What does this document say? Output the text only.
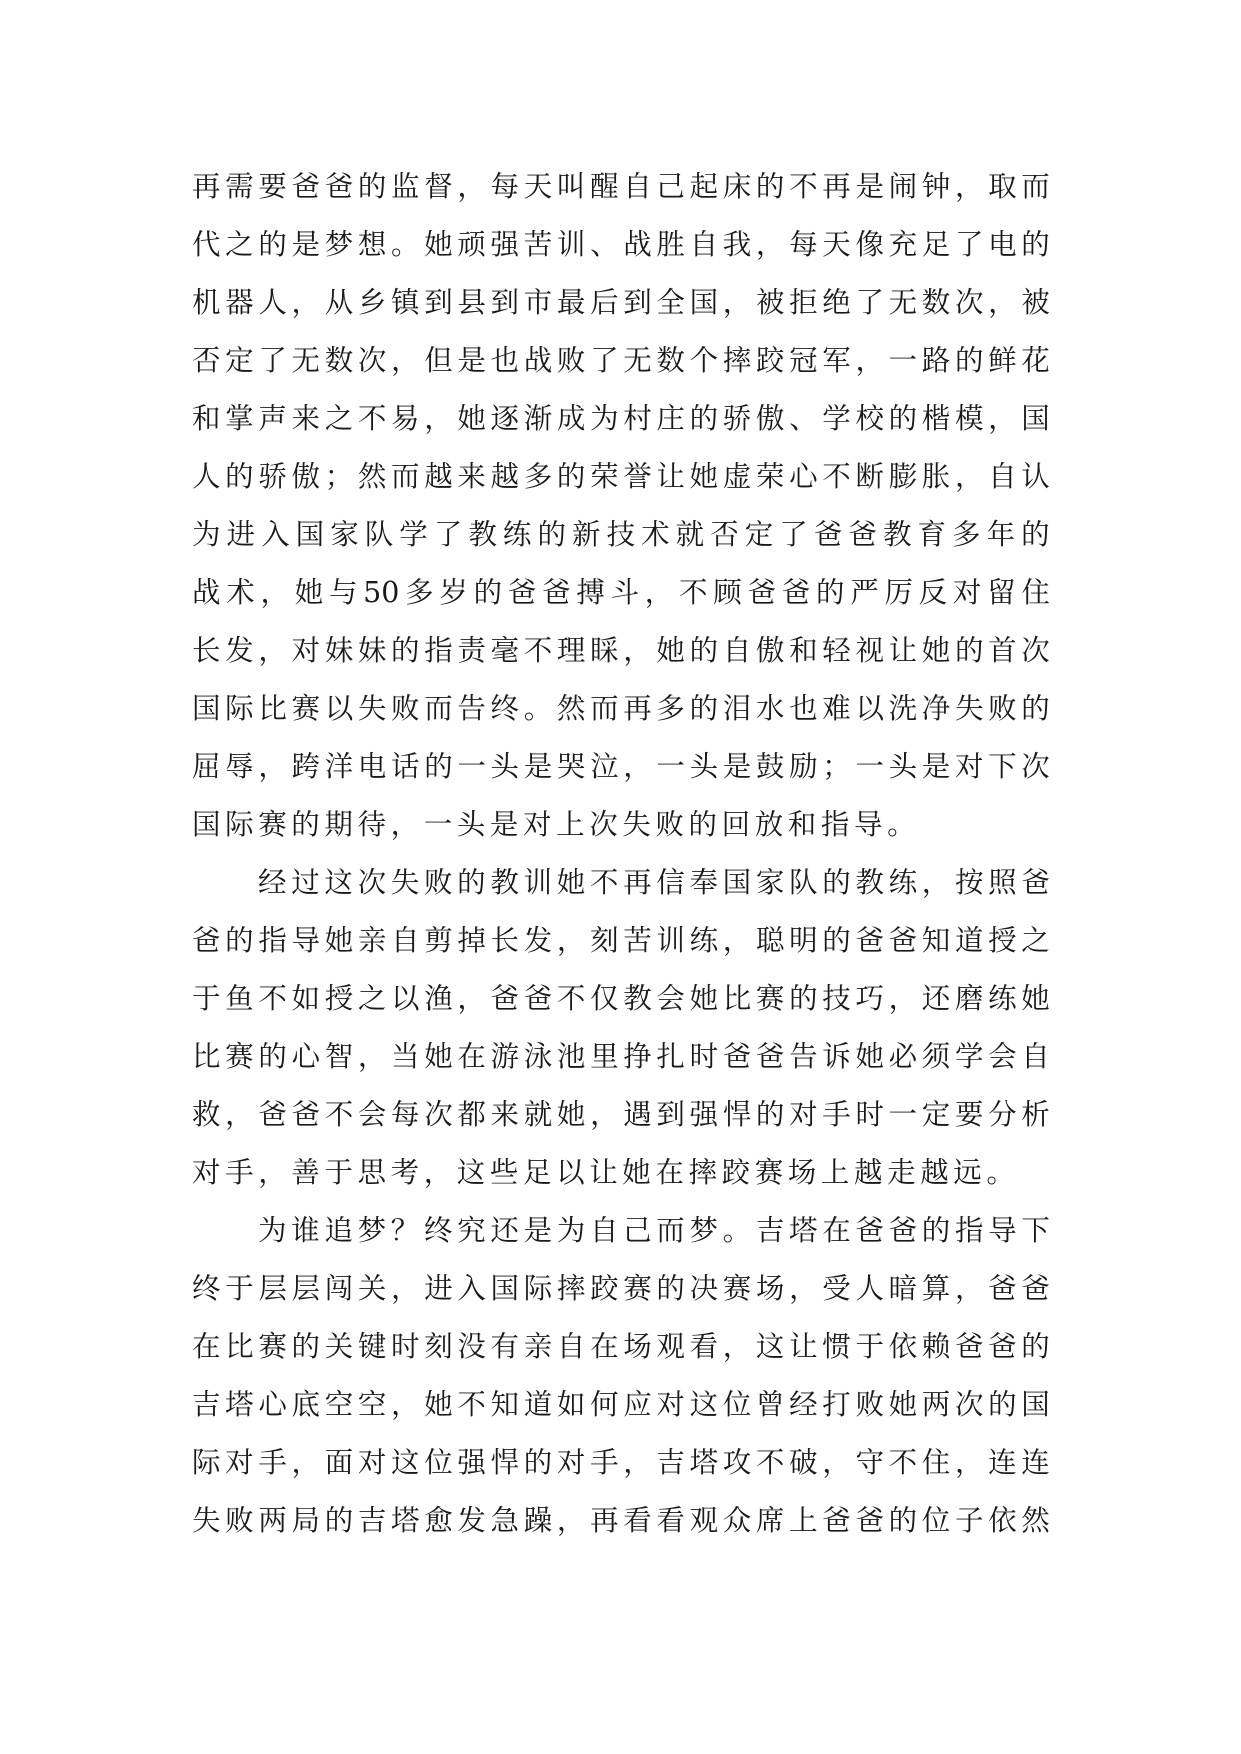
再 需 要 爸 爸 的 监 督 ， 每 天 叫 醒 自 己 起 床 的 不 再 是 闹 钟 ， 取 而
代 之 的 是 梦 想 。 她 顽 强 苦 训 、 战 胜 自 我 ， 每 天 像 充 足 了 电 的
机 器 人 ， 从 乡 镇 到 县 到 市 最 后 到 全 国 ， 被 拒 绝 了 无 数 次 ， 被
否 定 了 无 数 次 ， 但 是 也 战 败 了 无 数 个 摔 跤 冠 军 ， 一 路 的 鲜 花
和 掌 声 来 之 不 易 ， 她 逐 渐 成 为 村 庄 的 骄 傲 、 学 校 的 楷 模 ， 国
人 的 骄 傲 ； 然 而 越 来 越 多 的 荣 誉 让 她 虚 荣 心 不 断 膨 胀 ， 自 认
为 进 入 国 家 队 学 了 教 练 的 新 技 术 就 否 定 了 爸 爸 教 育 多 年 的
战 术 ， 她 与 50 多 岁 的 爸 爸 搏 斗 ， 不 顾 爸 爸 的 严 厉 反 对 留 住
长 发 ， 对 妹 妹 的 指 责 毫 不 理 睬 ， 她 的 自 傲 和 轻 视 让 她 的 首 次
国 际 比 赛 以 失 败 而 告 终 。 然 而 再 多 的 泪 水 也 难 以 洗 净 失 败 的
屈 辱 ， 跨 洋 电 话 的 一 头 是 哭 泣 ， 一 头 是 鼓 励 ； 一 头 是 对 下 次
国际赛的期待，一头是对上次失败的回放和指导。
经 过 这 次 失 败 的 教 训 她 不 再 信 奉 国 家 队 的 教 练 ， 按 照 爸
爸 的 指 导 她 亲 自 剪 掉 长 发 ， 刻 苦 训 练 ， 聪 明 的 爸 爸 知 道 授 之
于 鱼 不 如 授 之 以 渔 ， 爸 爸 不 仅 教 会 她 比 赛 的 技 巧 ， 还 磨 练 她
比 赛 的 心 智 ， 当 她 在 游 泳 池 里 挣 扎 时 爸 爸 告 诉 她 必 须 学 会 自
救 ， 爸 爸 不 会 每 次 都 来 就 她 ， 遇 到 强 悍 的 对 手 时 一 定 要 分 析
对手，善于思考，这些足以让她在摔跤赛场上越走越远。
为 谁 追 梦 ？ 终 究 还 是 为 自 己 而 梦 。 吉 塔 在 爸 爸 的 指 导 下
终 于 层 层 闯 关 ， 进 入 国 际 摔 跤 赛 的 决 赛 场 ， 受 人 暗 算 ， 爸 爸
在 比 赛 的 关 键 时 刻 没 有 亲 自 在 场 观 看 ， 这 让 惯 于 依 赖 爸 爸 的
吉 塔 心 底 空 空 ， 她 不 知 道 如 何 应 对 这 位 曾 经 打 败 她 两 次 的 国
际 对 手 ， 面 对 这 位 强 悍 的 对 手 ， 吉 塔 攻 不 破 ， 守 不 住 ， 连 连
失 败 两 局 的 吉 塔 愈 发 急 躁 ， 再 看 看 观 众 席 上 爸 爸 的 位 子 依 然
